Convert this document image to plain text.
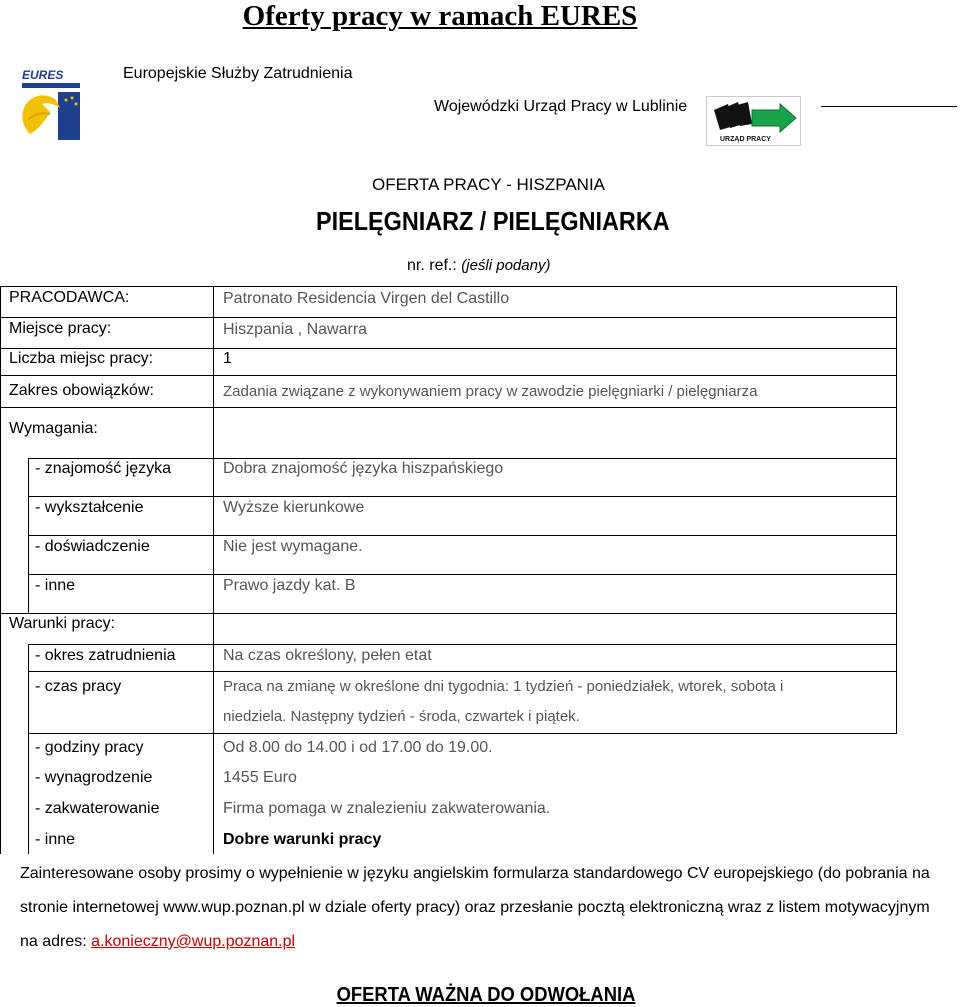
Oferty pracy w ramach EURES
EURES	Europejskie Służby Zatrudnienia
Wojewódzki Urząd Pracy w Lublinie
URZĄD PRACY
OFERTA PRACY - HISZPANIA
PIELĘGNIARZ / PIELĘGNIARKA
nr. ref.: (jeśli podany)
PRACODAWCA:	Patronato Residencia Virgen del Castillo
Miejsce pracy:	Hiszpania , Nawarra
Liczba miejsc pracy:	1
Zakres obowiązków:	Zadania związane z wykonywaniem pracy w zawodzie pielęgniarki / pielęgniarza
Wymagania:
- znajomość języka	Dobra znajomość języka hiszpańskiego
- wykształcenie	Wyższe kierunkowe
- doświadczenie	Nie jest wymagane.
- inne	Prawo jazdy kat. B
Warunki pracy:
- okres zatrudnienia	Na czas określony, pełen etat
- czas pracy	Praca na zmianę w określone dni tygodnia: 1 tydzień - poniedziałek, wtorek, sobota i
niedziela. Następny tydzień - środa, czwartek i piątek.
- godziny pracy	Od 8.00 do 14.00 i od 17.00 do 19.00.
- wynagrodzenie	1455 Euro
- zakwaterowanie	Firma pomaga w znalezieniu zakwaterowania.
- inne	Dobre warunki pracy
Zainteresowane osoby prosimy o wypełnienie w języku angielskim formularza standardowego CV europejskiego (do pobrania na stronie internetowej www.wup.poznan.pl w dziale oferty pracy) oraz przesłanie pocztą elektroniczną wraz z listem motywacyjnym na adres: a.konieczny@wup.poznan.pl
OFERTA WAŻNA DO ODWOŁANIA
